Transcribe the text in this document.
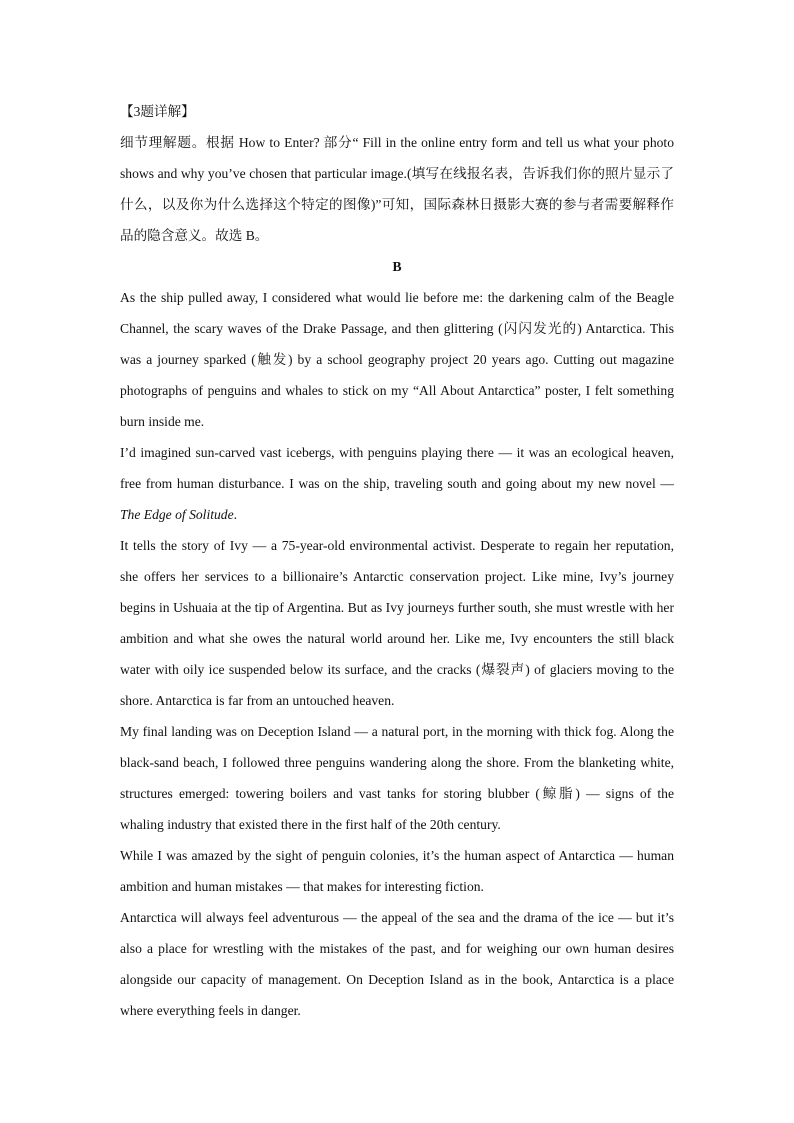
【3题详解】

细节理解题。根据 How to Enter? 部分“ Fill in the online entry form and tell us what your photo shows and why you’ve chosen that particular image.(填写在线报名表，告诉我们你的照片显示了什么，以及你为什么选择这个特定的图像)”可知，国际森林日摄影大赛的参与者需要解释作品的隐含意义。故选 B。

B

As the ship pulled away, I considered what would lie before me: the darkening calm of the Beagle Channel, the scary waves of the Drake Passage, and then glittering (闪闪发光的) Antarctica. This was a journey sparked (触发) by a school geography project 20 years ago. Cutting out magazine photographs of penguins and whales to stick on my “All About Antarctica” poster, I felt something burn inside me.

I’d imagined sun-carved vast icebergs, with penguins playing there — it was an ecological heaven, free from human disturbance. I was on the ship, traveling south and going about my new novel — The Edge of Solitude.

It tells the story of Ivy — a 75-year-old environmental activist. Desperate to regain her reputation, she offers her services to a billionaire’s Antarctic conservation project. Like mine, Ivy’s journey begins in Ushuaia at the tip of Argentina. But as Ivy journeys further south, she must wrestle with her ambition and what she owes the natural world around her. Like me, Ivy encounters the still black water with oily ice suspended below its surface, and the cracks (爆裂声) of glaciers moving to the shore. Antarctica is far from an untouched heaven.

My final landing was on Deception Island — a natural port, in the morning with thick fog. Along the black-sand beach, I followed three penguins wandering along the shore. From the blanketing white, structures emerged: towering boilers and vast tanks for storing blubber (鲸脂) — signs of the whaling industry that existed there in the first half of the 20th century.

While I was amazed by the sight of penguin colonies, it’s the human aspect of Antarctica — human ambition and human mistakes — that makes for interesting fiction.

Antarctica will always feel adventurous — the appeal of the sea and the drama of the ice — but it’s also a place for wrestling with the mistakes of the past, and for weighing our own human desires alongside our capacity of management. On Deception Island as in the book, Antarctica is a place where everything feels in danger.
